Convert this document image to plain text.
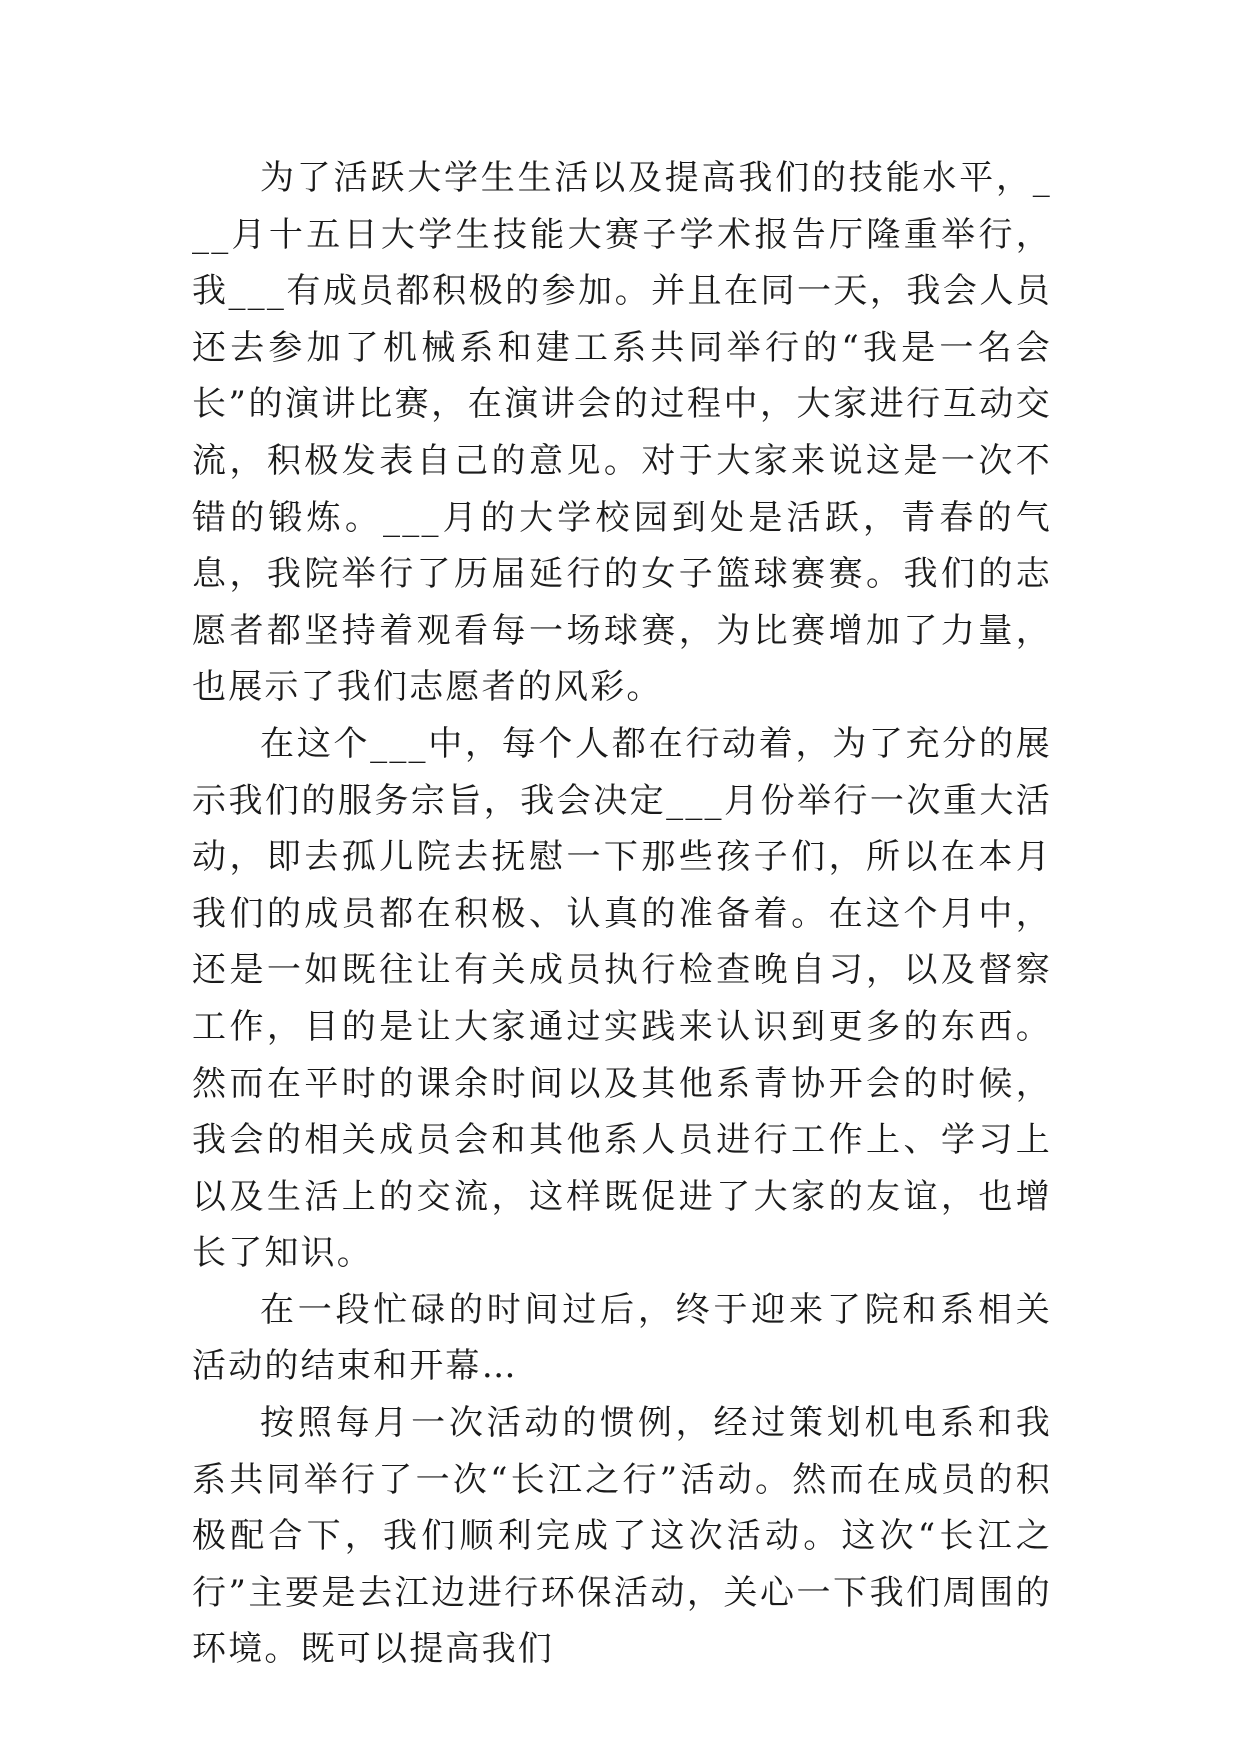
为了活跃大学生生活以及提高我们的技能水平，___月十五日大学生技能大赛子学术报告厅隆重举行，我___有成员都积极的参加。并且在同一天，我会人员还去参加了机械系和建工系共同举行的“我是一名会长”的演讲比赛，在演讲会的过程中，大家进行互动交流，积极发表自己的意见。对于大家来说这是一次不错的锻炼。___月的大学校园到处是活跃，青春的气息，我院举行了历届延行的女子篮球赛赛。我们的志愿者都坚持着观看每一场球赛，为比赛增加了力量，也展示了我们志愿者的风彩。

在这个___中，每个人都在行动着，为了充分的展示我们的服务宗旨，我会决定___月份举行一次重大活动，即去孤儿院去抚慰一下那些孩子们，所以在本月我们的成员都在积极、认真的准备着。在这个月中，还是一如既往让有关成员执行检查晚自习，以及督察工作，目的是让大家通过实践来认识到更多的东西。然而在平时的课余时间以及其他系青协开会的时候，我会的相关成员会和其他系人员进行工作上、学习上以及生活上的交流，这样既促进了大家的友谊，也增长了知识。

在一段忙碌的时间过后，终于迎来了院和系相关活动的结束和开幕…

按照每月一次活动的惯例，经过策划机电系和我系共同举行了一次“长江之行”活动。然而在成员的积极配合下，我们顺利完成了这次活动。这次“长江之行”主要是去江边进行环保活动，关心一下我们周围的环境。既可以提高我们
